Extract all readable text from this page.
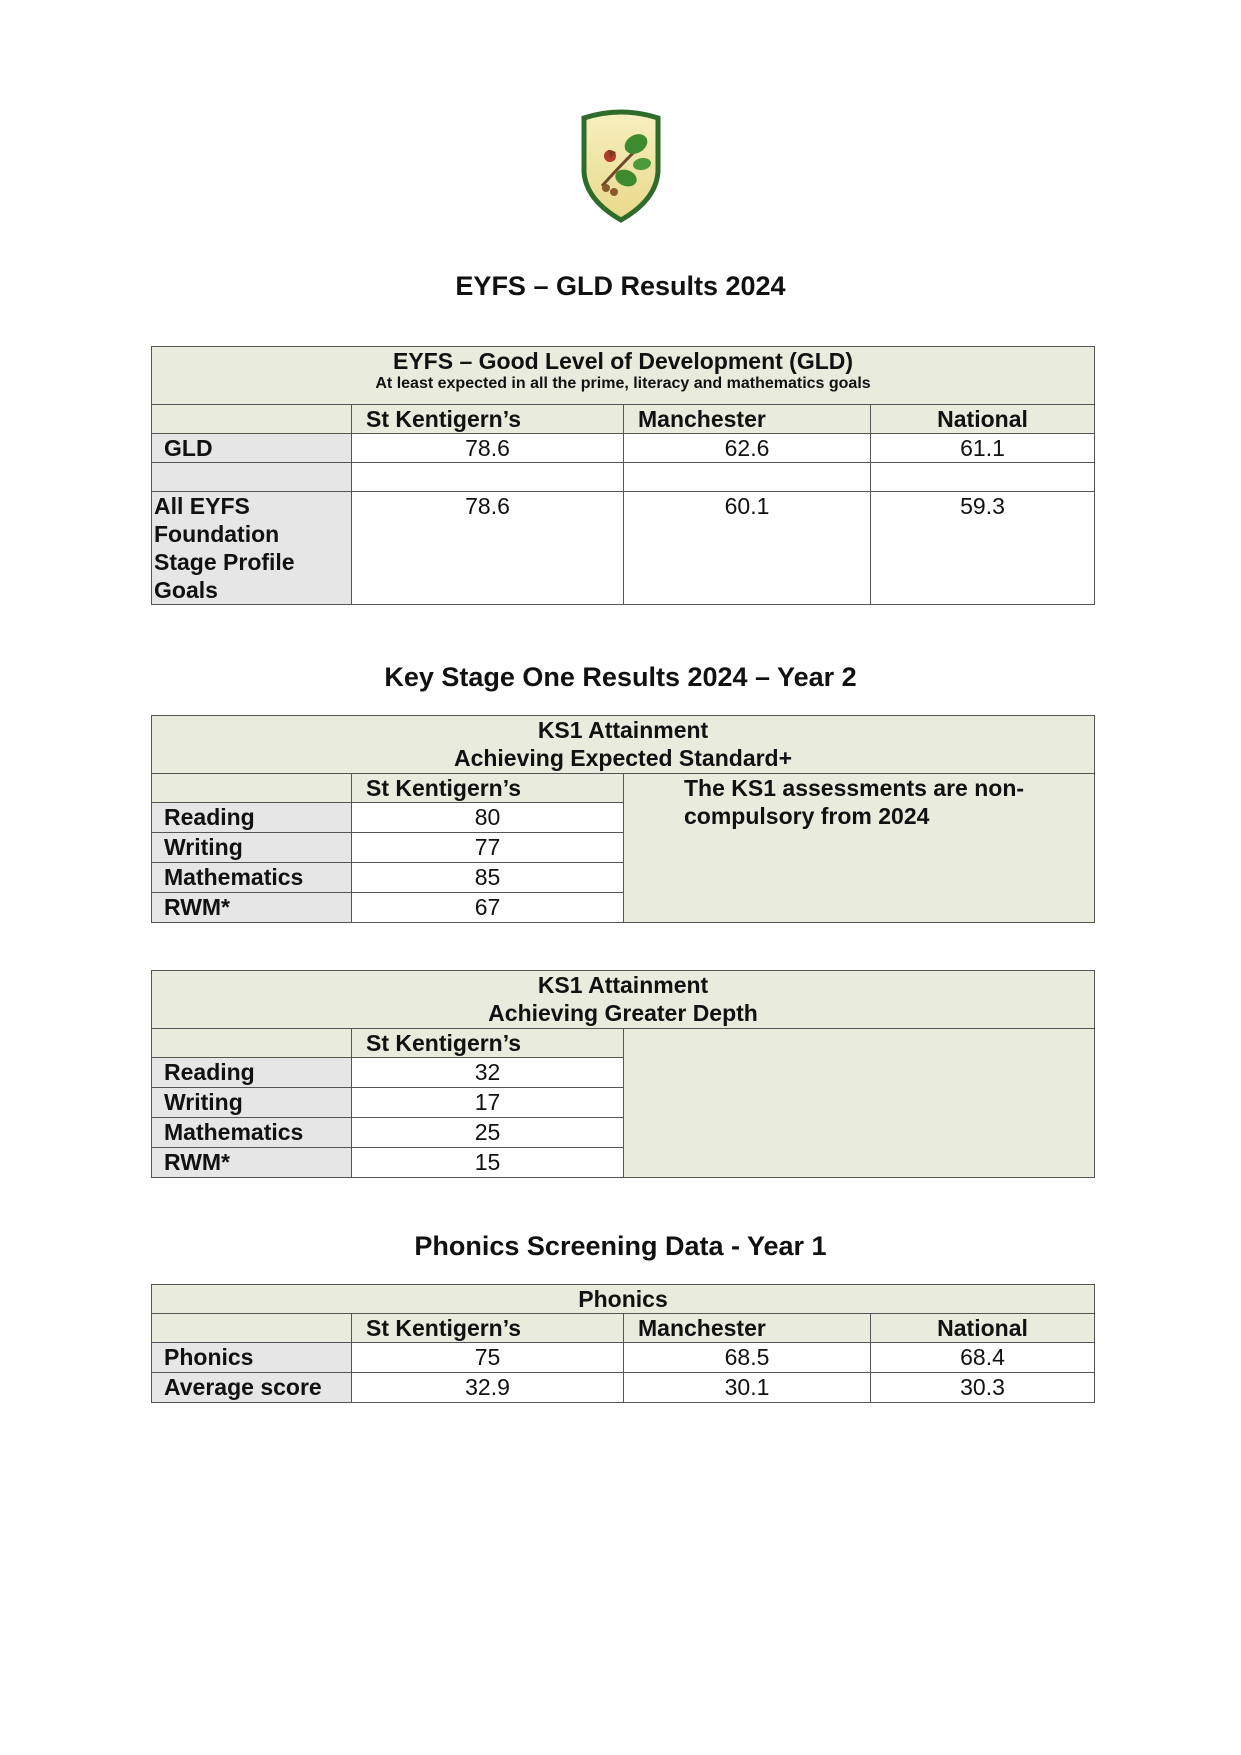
EYFS – GLD Results 2024
EYFS – Good Level of Development (GLD)
At least expected in all the prime, literacy and mathematics goals			

	St Kentigern’s	Manchester	National
GLD	78.6	62.6	61.1

All EYFS Foundation Stage Profile Goals	78.6	60.1	59.3
Key Stage One Results 2024 – Year 2
KS1 Attainment
Achieving Expected Standard+		

	St Kentigern’s	The KS1 assessments are non-compulsory from 2024
Reading	80	
Writing	77	
Mathematics	85	
RWM*	67	
KS1 Attainment
Achieving Greater Depth		

	St Kentigern’s	
Reading	32	
Writing	17	
Mathematics	25	
RWM*	15	
Phonics Screening Data - Year 1
Phonics			
	St Kentigern’s	Manchester	National
Phonics	75	68.5	68.4
Average score	32.9	30.1	30.3
